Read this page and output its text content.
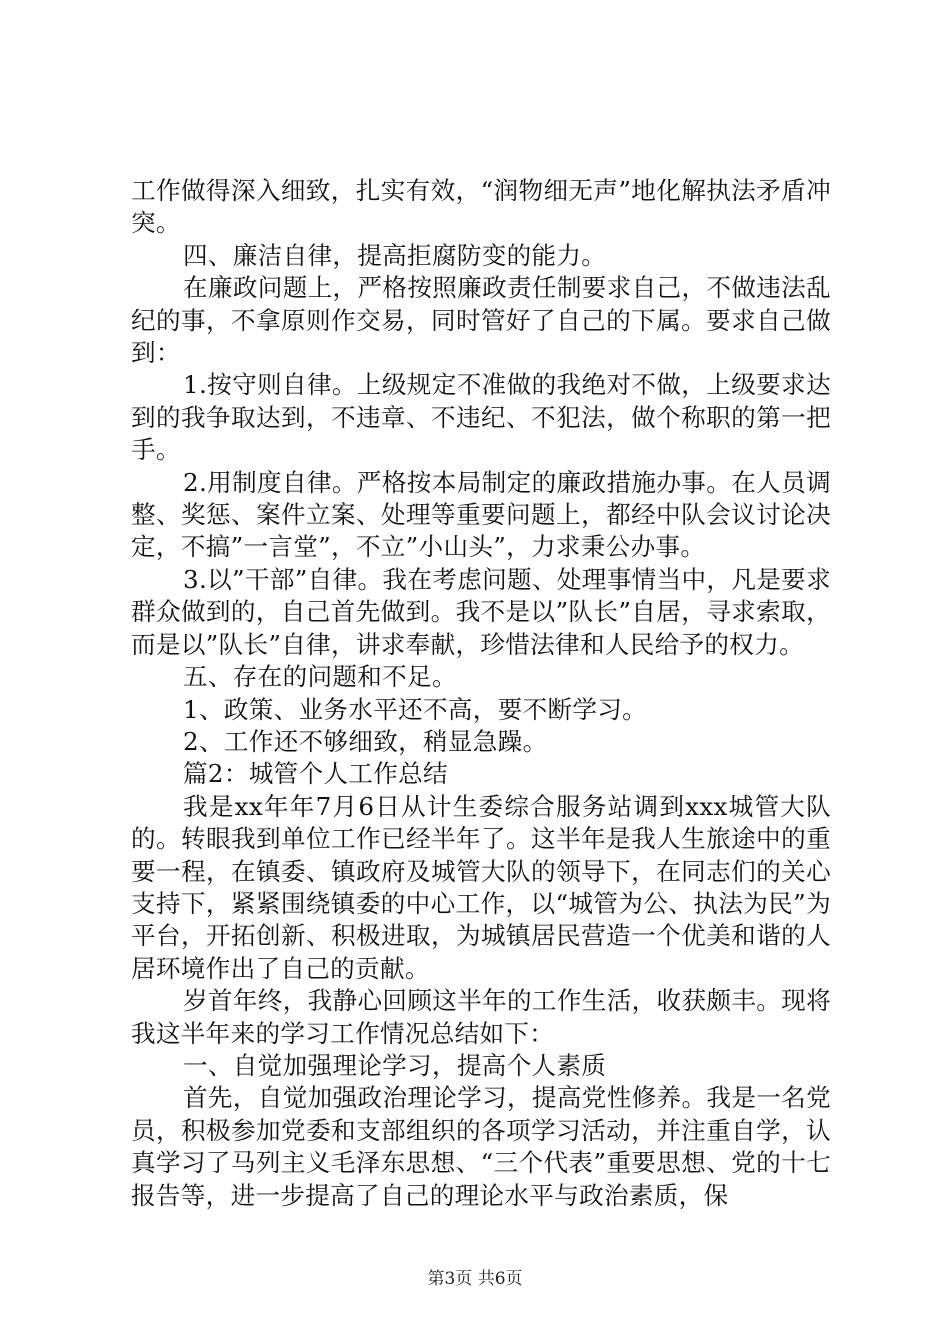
工作做得深入细致，扎实有效，“润物细无声”地化解执法矛盾冲突。

四、廉洁自律，提高拒腐防变的能力。

在廉政问题上，严格按照廉政责任制要求自己，不做违法乱纪的事，不拿原则作交易，同时管好了自己的下属。要求自己做到：

1.按守则自律。上级规定不准做的我绝对不做，上级要求达到的我争取达到，不违章、不违纪、不犯法，做个称职的第一把手。

2.用制度自律。严格按本局制定的廉政措施办事。在人员调整、奖惩、案件立案、处理等重要问题上，都经中队会议讨论决定，不搞”一言堂”，不立”小山头”，力求秉公办事。

3.以”干部”自律。我在考虑问题、处理事情当中，凡是要求群众做到的，自己首先做到。我不是以”队长”自居，寻求索取，而是以”队长”自律，讲求奉献，珍惜法律和人民给予的权力。

五、存在的问题和不足。

1、政策、业务水平还不高，要不断学习。

2、工作还不够细致，稍显急躁。

篇2：城管个人工作总结

我是xx年年7月6日从计生委综合服务站调到xxx城管大队的。转眼我到单位工作已经半年了。这半年是我人生旅途中的重要一程，在镇委、镇政府及城管大队的领导下，在同志们的关心支持下，紧紧围绕镇委的中心工作，以“城管为公、执法为民”为平台，开拓创新、积极进取，为城镇居民营造一个优美和谐的人居环境作出了自己的贡献。

岁首年终，我静心回顾这半年的工作生活，收获颇丰。现将我这半年来的学习工作情况总结如下：

一、自觉加强理论学习，提高个人素质

首先，自觉加强政治理论学习，提高党性修养。我是一名党员，积极参加党委和支部组织的各项学习活动，并注重自学，认真学习了马列主义毛泽东思想、“三个代表”重要思想、党的十七报告等，进一步提高了自己的理论水平与政治素质，保

第3页 共6页
